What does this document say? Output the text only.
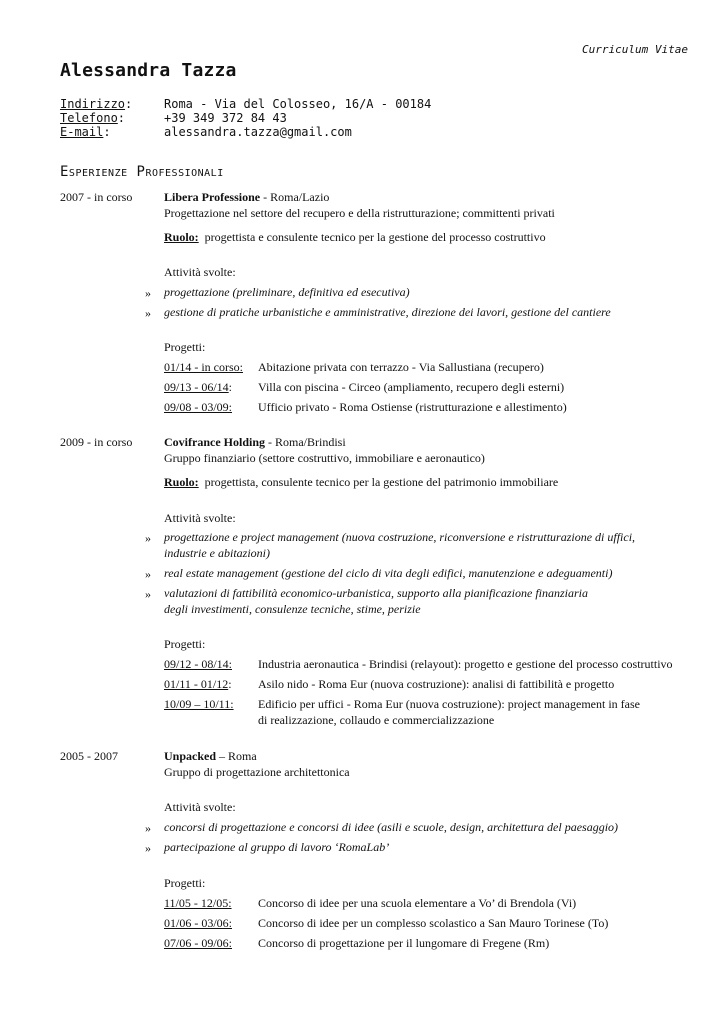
Curriculum Vitae
Alessandra Tazza
Indirizzo:	Roma - Via del Colosseo, 16/A - 00184
Telefono:	+39 349 372 84 43
E-mail:	alessandra.tazza@gmail.com
Esperienze Professionali
2007 - in corso	Libera Professione - Roma/Lazio
Progettazione nel settore del recupero e della ristrutturazione; committenti privati
Ruolo: progettista e consulente tecnico per la gestione del processo costruttivo
Attività svolte:
» progettazione (preliminare, definitiva ed esecutiva)
» gestione di pratiche urbanistiche e amministrative, direzione dei lavori, gestione del cantiere
Progetti:
01/14 - in corso: Abitazione privata con terrazzo - Via Sallustiana (recupero)
09/13 - 06/14: Villa con piscina - Circeo (ampliamento, recupero degli esterni)
09/08 - 03/09: Ufficio privato - Roma Ostiense (ristrutturazione e allestimento)
2009 - in corso	Covifrance Holding - Roma/Brindisi
Gruppo finanziario (settore costruttivo, immobiliare e aeronautico)
Ruolo: progettista, consulente tecnico per la gestione del patrimonio immobiliare
Attività svolte:
» progettazione e project management (nuova costruzione, riconversione e ristrutturazione di uffici,
industrie e abitazioni)
» real estate management (gestione del ciclo di vita degli edifici, manutenzione e adeguamenti)
» valutazioni di fattibilità economico-urbanistica, supporto alla pianificazione finanziaria
degli investimenti, consulenze tecniche, stime, perizie
Progetti:
09/12 - 08/14: Industria aeronautica - Brindisi (relayout): progetto e gestione del processo costruttivo
01/11 - 01/12: Asilo nido - Roma Eur (nuova costruzione): analisi di fattibilità e progetto
10/09 – 10/11: Edificio per uffici - Roma Eur (nuova costruzione): project management in fase
di realizzazione, collaudo e commercializzazione
2005 - 2007	Unpacked – Roma
Gruppo di progettazione architettonica
Attività svolte:
» concorsi di progettazione e concorsi di idee (asili e scuole, design, architettura del paesaggio)
» partecipazione al gruppo di lavoro ‘RomaLab’
Progetti:
11/05 - 12/05: Concorso di idee per una scuola elementare a Vo’ di Brendola (Vi)
01/06 - 03/06: Concorso di idee per un complesso scolastico a San Mauro Torinese (To)
07/06 - 09/06: Concorso di progettazione per il lungomare di Fregene (Rm)
